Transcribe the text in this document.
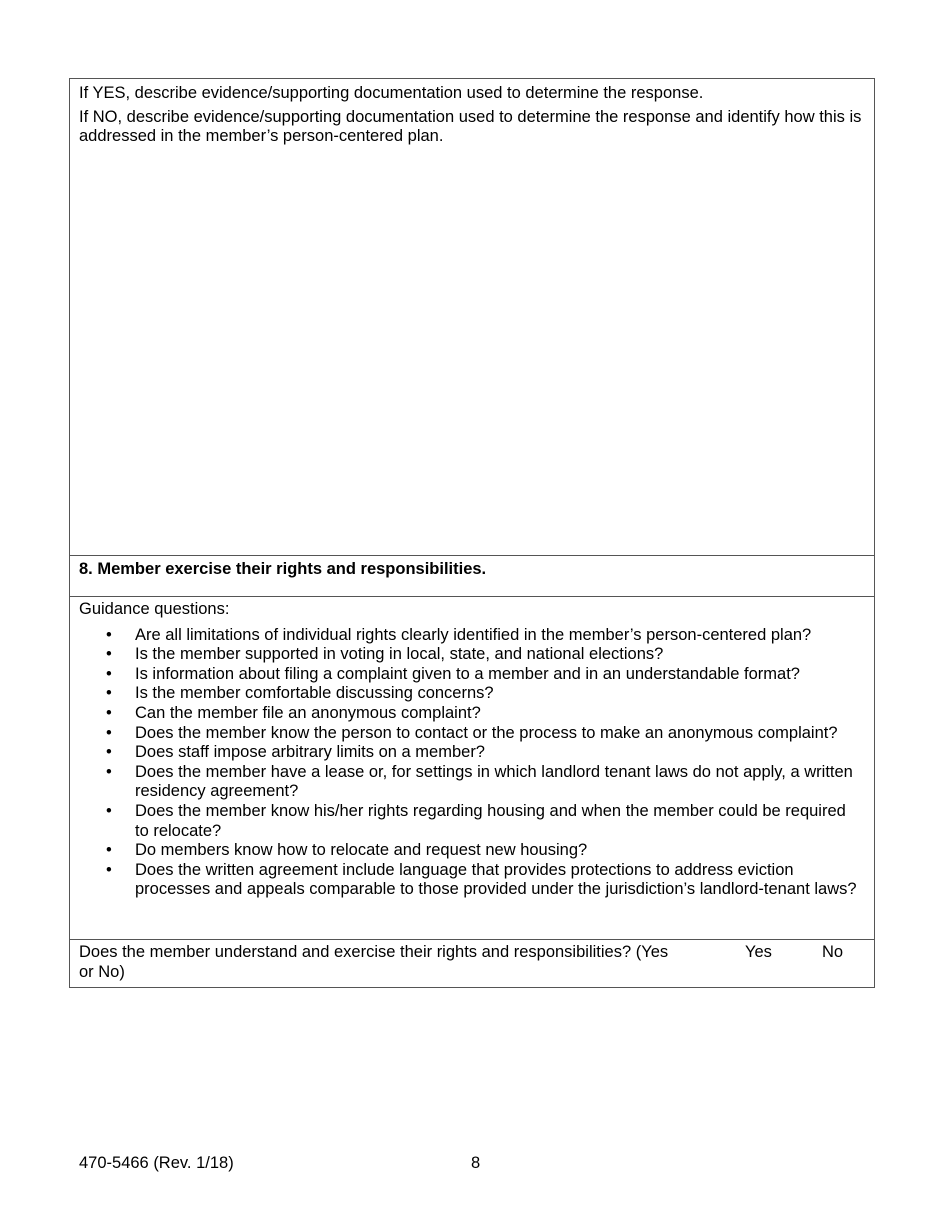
If YES, describe evidence/supporting documentation used to determine the response.

If NO, describe evidence/supporting documentation used to determine the response and identify how this is addressed in the member’s person-centered plan.

8. Member exercise their rights and responsibilities.

Guidance questions:

• Are all limitations of individual rights clearly identified in the member’s person-centered plan?
• Is the member supported in voting in local, state, and national elections?
• Is information about filing a complaint given to a member and in an understandable format?
• Is the member comfortable discussing concerns?
• Can the member file an anonymous complaint?
• Does the member know the person to contact or the process to make an anonymous complaint?
• Does staff impose arbitrary limits on a member?
• Does the member have a lease or, for settings in which landlord tenant laws do not apply, a written residency agreement?
• Does the member know his/her rights regarding housing and when the member could be required to relocate?
• Do members know how to relocate and request new housing?
• Does the written agreement include language that provides protections to address eviction processes and appeals comparable to those provided under the jurisdiction’s landlord-tenant laws?
Does the member understand and exercise their rights and responsibilities? (Yes or No)
Yes	No
470-5466 (Rev. 1/18)	8
